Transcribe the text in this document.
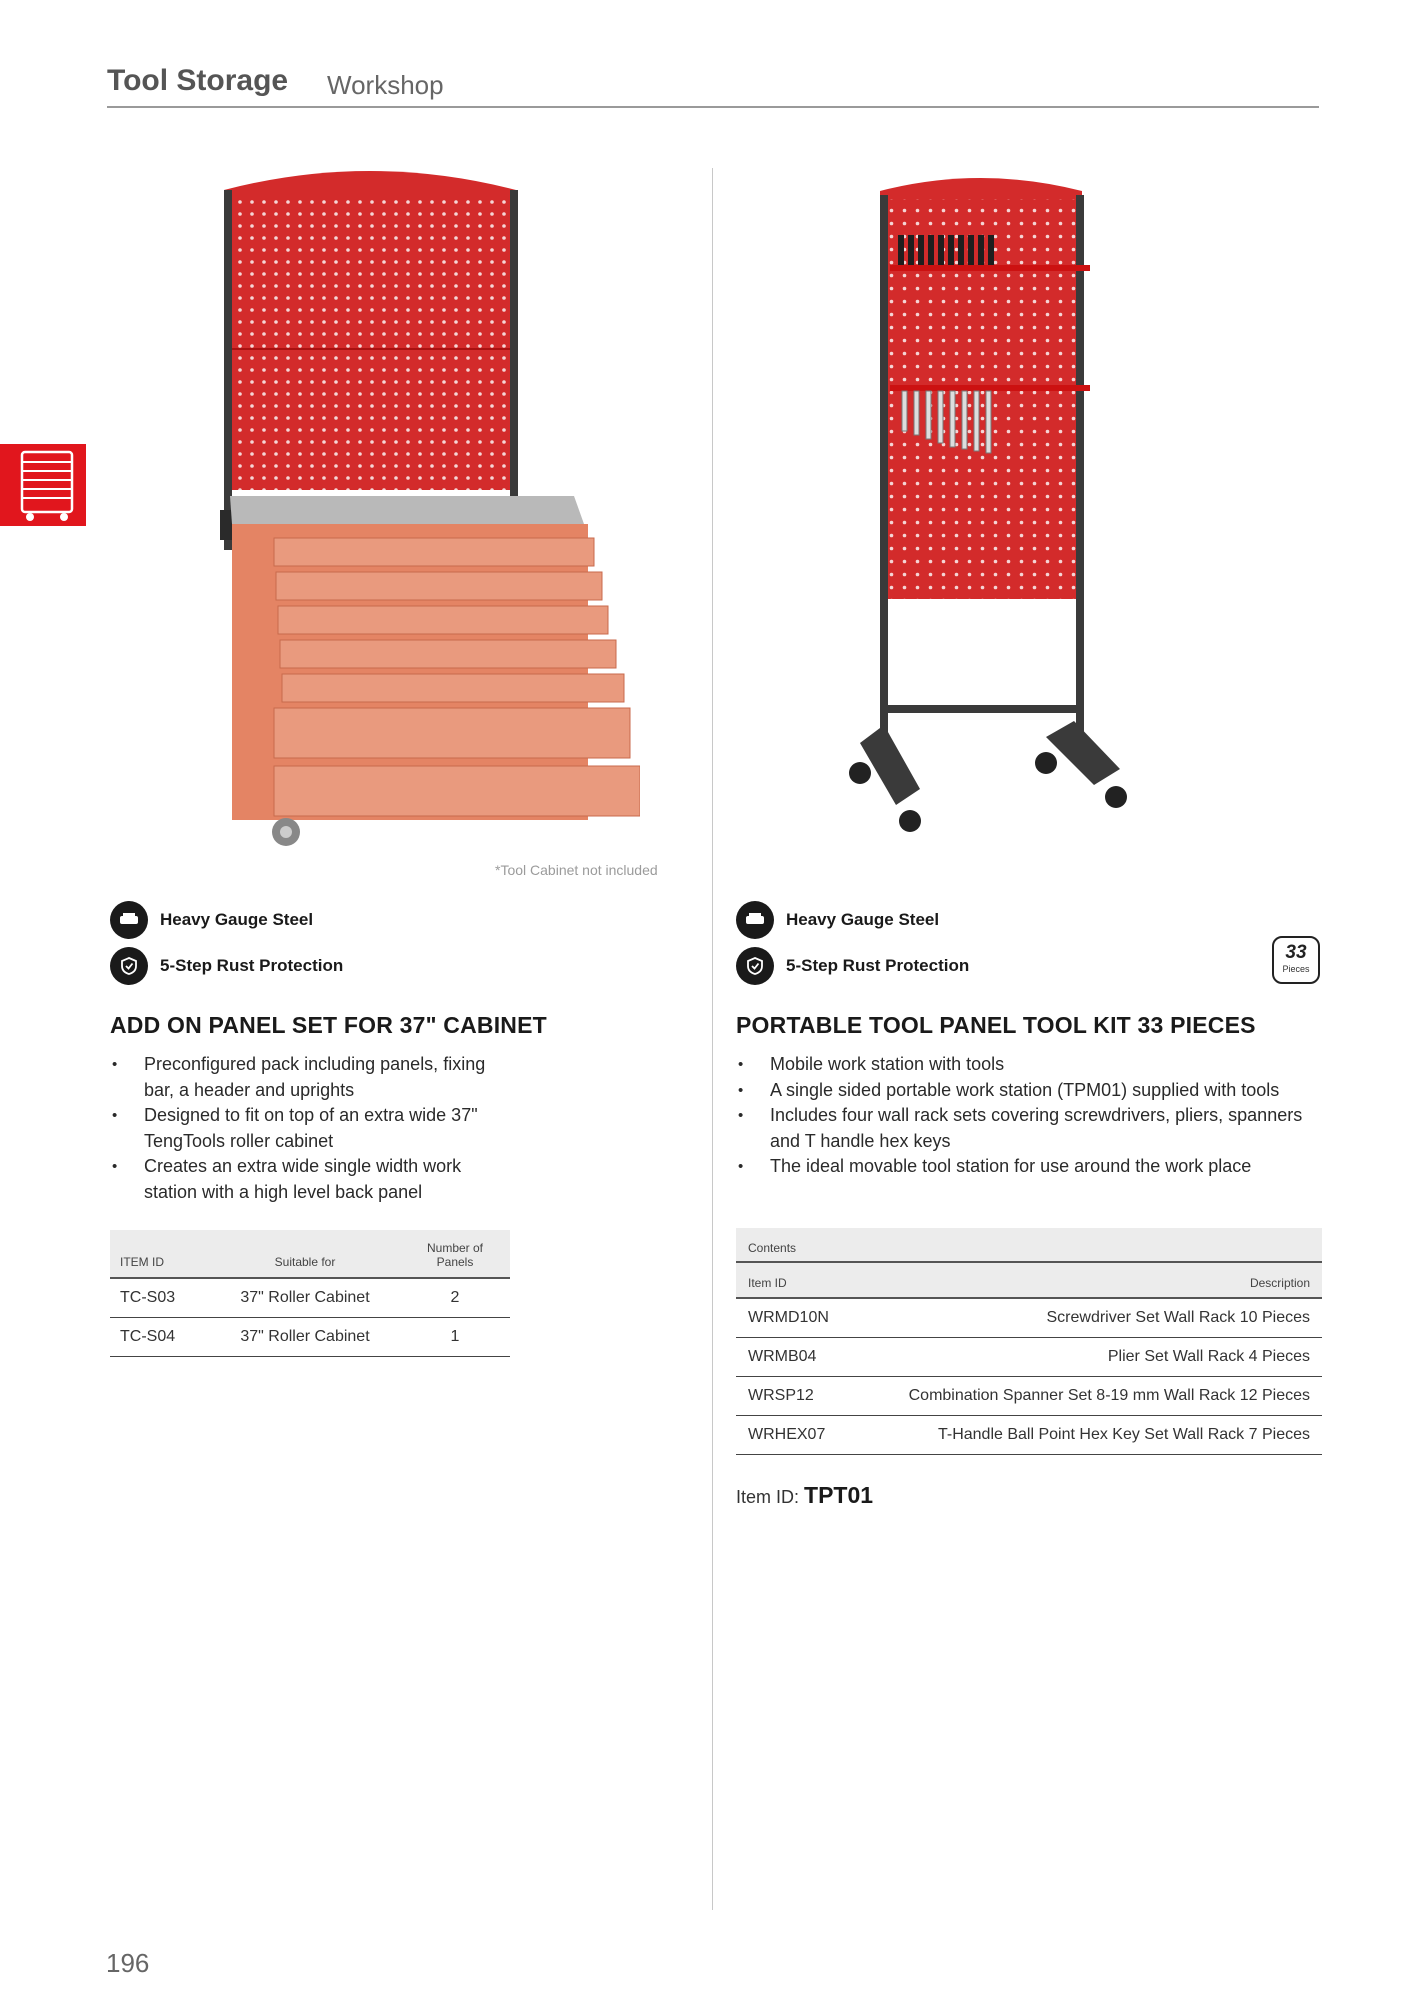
Tool Storage Workshop
*Tool Cabinet not included
Heavy Gauge Steel
5-Step Rust Protection
Heavy Gauge Steel
5-Step Rust Protection
33
Pieces
ADD ON PANEL SET FOR 37" CABINET	PORTABLE TOOL PANEL TOOL KIT 33 PIECES
• Preconfigured pack including panels, fixing bar, a header and uprights
• Designed to fit on top of an extra wide 37" TengTools roller cabinet
• Creates an extra wide single width work station with a high level back panel
• Mobile work station with tools
• A single sided portable work station (TPM01) supplied with tools
• Includes four wall rack sets covering screwdrivers, pliers, spanners and T handle hex keys
• The ideal movable tool station for use around the work place
ITEM ID	Suitable for	Number of Panels
TC-S03	37" Roller Cabinet	2
TC-S04	37" Roller Cabinet	1
Contents	
Item ID	Description
WRMD10N	Screwdriver Set Wall Rack 10 Pieces
WRMB04	Plier Set Wall Rack 4 Pieces
WRSP12	Combination Spanner Set 8-19 mm Wall Rack 12 Pieces
WRHEX07	T-Handle Ball Point Hex Key Set Wall Rack 7 Pieces
Item ID: TPT01
196
